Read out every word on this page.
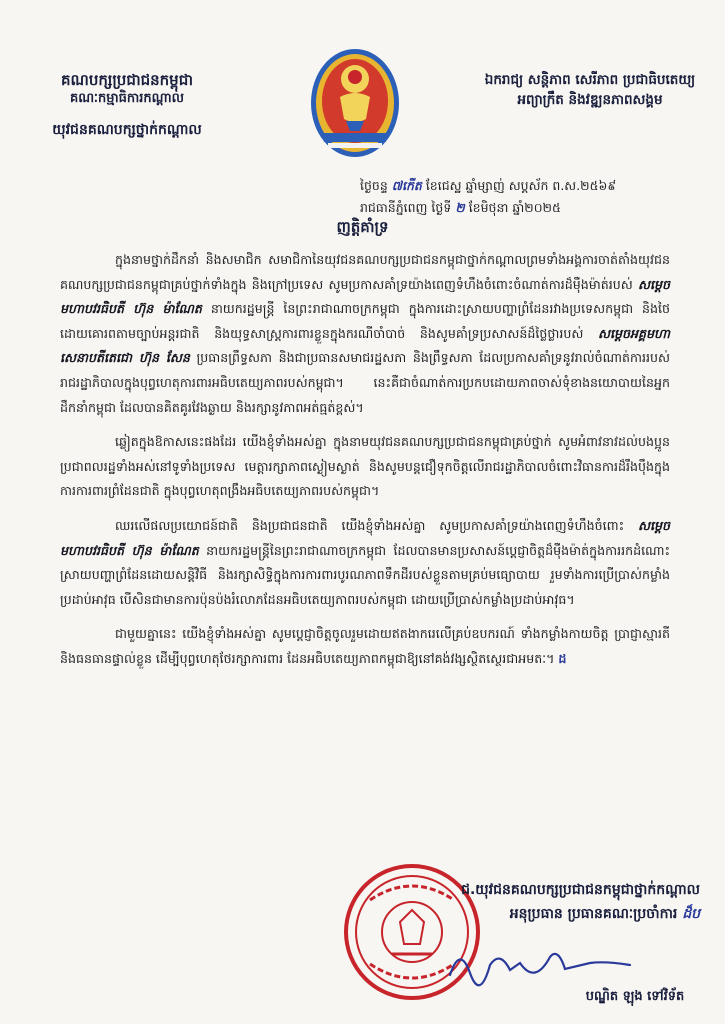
គណបក្សប្រជាជនកម្ពុជា
គណៈកម្មាធិការកណ្តាល
យុវជនគណបក្សថ្នាក់កណ្តាល
ឯករាជ្យ សន្តិភាព សេរីភាព ប្រជាធិបតេយ្យ
អព្យាក្រឹត និងវឌ្ឍនភាពសង្គម
ថ្ងៃចន្ទ ៧កើត ខែជេស្ឋ ឆ្នាំម្សាញ់ សប្តស័ក ព.ស.២៥៦៩
រាជធានីភ្នំពេញ ថ្ងៃទី ២ ខែមិថុនា ឆ្នាំ២០២៥
ញត្តិគាំទ្រ

ក្នុងនាមថ្នាក់ដឹកនាំ និងសមាជិក សមាជិកានៃយុវជនគណបក្សប្រជាជនកម្ពុជាថ្នាក់កណ្តាលព្រមទាំងអង្គការចាត់តាំងយុវជនគណបក្សប្រជាជនកម្ពុជាគ្រប់ថ្នាក់ទាំងក្នុង និងក្រៅប្រទេស សូមប្រកាសគាំទ្រយ៉ាងពេញទំហឹងចំពោះចំណាត់ការដ៏ម៉ឺងម៉ាត់របស់ សម្តេចមហាបវរធិបតី ហ៊ុន ម៉ាណែត នាយករដ្ឋមន្ត្រី នៃព្រះរាជាណាចក្រកម្ពុជា ក្នុងការដោះស្រាយបញ្ហាព្រំដែនរវាងប្រទេសកម្ពុជា និងថៃ ដោយគោរពតាមច្បាប់អន្តរជាតិ និងយុទ្ធសាស្ត្រការពារខ្លួនក្នុងករណីចាំបាច់ និងសូមគាំទ្រប្រសាសន៍ដ៏ថ្លៃថ្លារបស់ សម្តេចអគ្គមហាសេនាបតីតេជោ ហ៊ុន សែន ប្រធានព្រឹទ្ធសភា និងជាប្រធានសមាជរដ្ឋសភា និងព្រឹទ្ធសភា ដែលប្រកាសគាំទ្រនូវរាល់ចំណាត់ការរបស់រាជរដ្ឋាភិបាលក្នុងបុព្វហេតុការពារអធិបតេយ្យភាពរបស់កម្ពុជា។ នេះគឺជាចំណាត់ការប្រកបដោយភាពចាស់ទុំខាងនយោបាយនៃអ្នកដឹកនាំកម្ពុជា ដែលបានគិតគូរវែងឆ្ងាយ និងរក្សានូវភាពអត់ធ្មត់ខ្ពស់។

ឆ្លៀតក្នុងឱកាសនេះផងដែរ យើងខ្ញុំទាំងអស់គ្នា ក្នុងនាមយុវជនគណបក្សប្រជាជនកម្ពុជាគ្រប់ថ្នាក់ សូមអំពាវនាវដល់បងប្អូនប្រជាពលរដ្ឋទាំងអស់នៅទូទាំងប្រទេស មេត្តារក្សាភាពស្ងៀមស្ងាត់ និងសូមបន្តជឿទុកចិត្តលើរាជរដ្ឋាភិបាលចំពោះវិធានការដ៏រឹងប៉ឹងក្នុងការការពារព្រំដែនជាតិ ក្នុងបុព្វហេតុពង្រឹងអធិបតេយ្យភាពរបស់កម្ពុជា។

ឈរលើផលប្រយោជន៍ជាតិ និងប្រជាជនជាតិ យើងខ្ញុំទាំងអស់គ្នា សូមប្រកាសគាំទ្រយ៉ាងពេញទំហឹងចំពោះ សម្តេចមហាបវរធិបតី ហ៊ុន ម៉ាណែត នាយករដ្ឋមន្ត្រីនៃព្រះរាជាណាចក្រកម្ពុជា ដែលបានមានប្រសាសន៍ប្តេជ្ញាចិត្តដ៏ម៉ឺងម៉ាត់ក្នុងការរកដំណោះស្រាយបញ្ហាព្រំដែនដោយសន្តិវិធី និងរក្សាសិទ្ធិក្នុងការការពារបូរណភាពទឹកដីរបស់ខ្លួនតាមគ្រប់មធ្យោបាយ រួមទាំងការប្រើប្រាស់កម្លាំងប្រដាប់អាវុធ បើសិនជាមានការប៉ុនប៉ងរំលោភដែនអធិបតេយ្យភាពរបស់កម្ពុជា ដោយប្រើប្រាស់កម្លាំងប្រដាប់អាវុធ។

ជាមួយគ្នានេះ យើងខ្ញុំទាំងអស់គ្នា សូមប្តេជ្ញាចិត្តចូលរួមដោយឥតងាករេលើគ្រប់ឧបករណ៍ ទាំងកម្លាំងកាយចិត្ត ប្រាជ្ញាស្មារតី និងធនធានផ្ទាល់ខ្លួន ដើម្បីបុព្វហេតុថែរក្សាការពារ ដែនអធិបតេយ្យភាពកម្ពុជាឱ្យនៅគង់វង្សស្ថិតស្ថេរជាអមតៈ។ ដ

ជ.យុវជនគណបក្សប្រជាជនកម្ពុជាថ្នាក់កណ្តាល
អនុប្រធាន ប្រធានគណៈប្រចាំការ ដ៏ប
បណ្ឌិត ឡុង ទៅវិទ័ត
